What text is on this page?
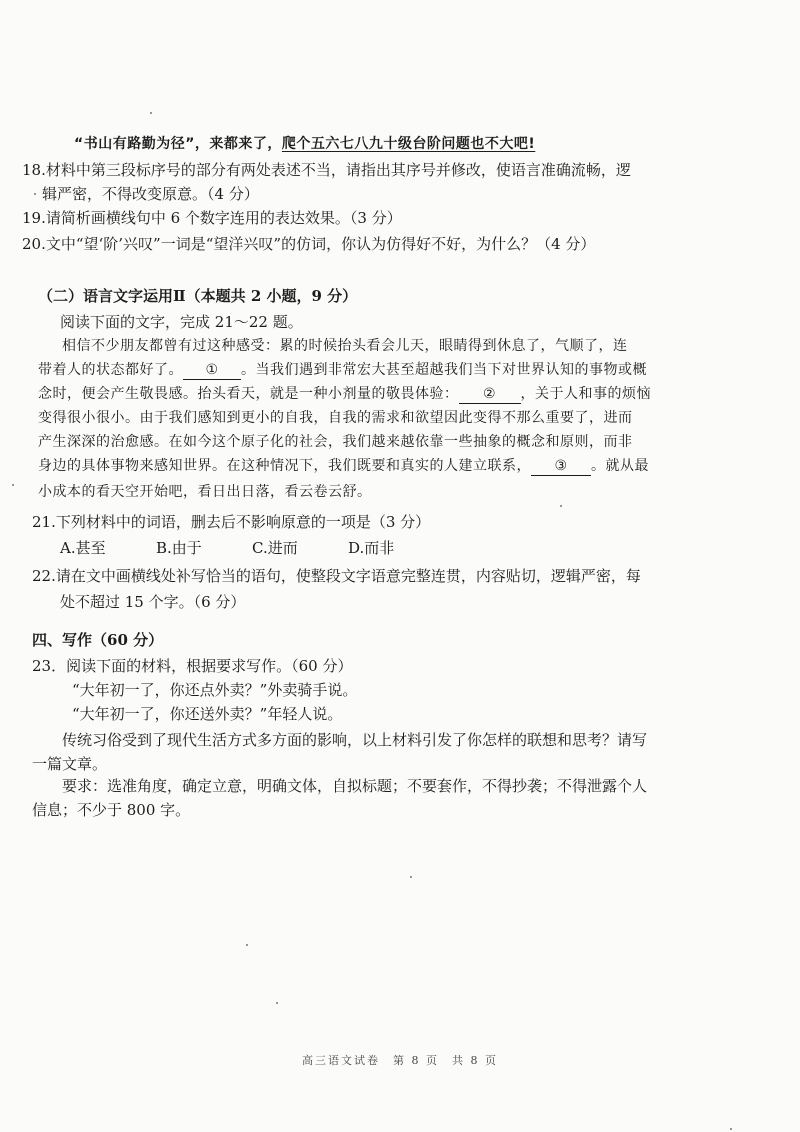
“书山有路勤为径”，来都来了，爬个五六七八九十级台阶问题也不大吧!
18.材料中第三段标序号的部分有两处表述不当，请指出其序号并修改，使语言准确流畅，逻
辑严密，不得改变原意。（4 分）
19.请简析画横线句中 6 个数字连用的表达效果。（3 分）
20.文中“望‘阶’兴叹”一词是“望洋兴叹”的仿词，你认为仿得好不好，为什么？（4 分）
（二）语言文字运用Ⅱ（本题共 2 小题，9 分）
阅读下面的文字，完成 21～22 题。
相信不少朋友都曾有过这种感受：累的时候抬头看会儿天，眼睛得到休息了，气顺了，连
带着人的状态都好了。 ① 。当我们遇到非常宏大甚至超越我们当下对世界认知的事物或概
念时，便会产生敬畏感。抬头看天，就是一种小剂量的敬畏体验： ② ，关于人和事的烦恼
变得很小很小。由于我们感知到更小的自我，自我的需求和欲望因此变得不那么重要了，进而
产生深深的治愈感。在如今这个原子化的社会，我们越来越依靠一些抽象的概念和原则，而非
身边的具体事物来感知世界。在这种情况下，我们既要和真实的人建立联系， ③ 。就从最
小成本的看天空开始吧，看日出日落，看云卷云舒。
21.下列材料中的词语，删去后不影响原意的一项是（3 分）
A.甚至	B.由于	C.进而	D.而非
22.请在文中画横线处补写恰当的语句，使整段文字语意完整连贯，内容贴切，逻辑严密，每
处不超过 15 个字。（6 分）
四、写作（60 分）
23．阅读下面的材料，根据要求写作。（60 分）
“大年初一了，你还点外卖？”外卖骑手说。
“大年初一了，你还送外卖？”年轻人说。
传统习俗受到了现代生活方式多方面的影响，以上材料引发了你怎样的联想和思考？请写
一篇文章。
要求：选准角度，确定立意，明确文体，自拟标题；不要套作，不得抄袭；不得泄露个人
信息；不少于 800 字。
高三语文试卷　第 8 页　共 8 页
